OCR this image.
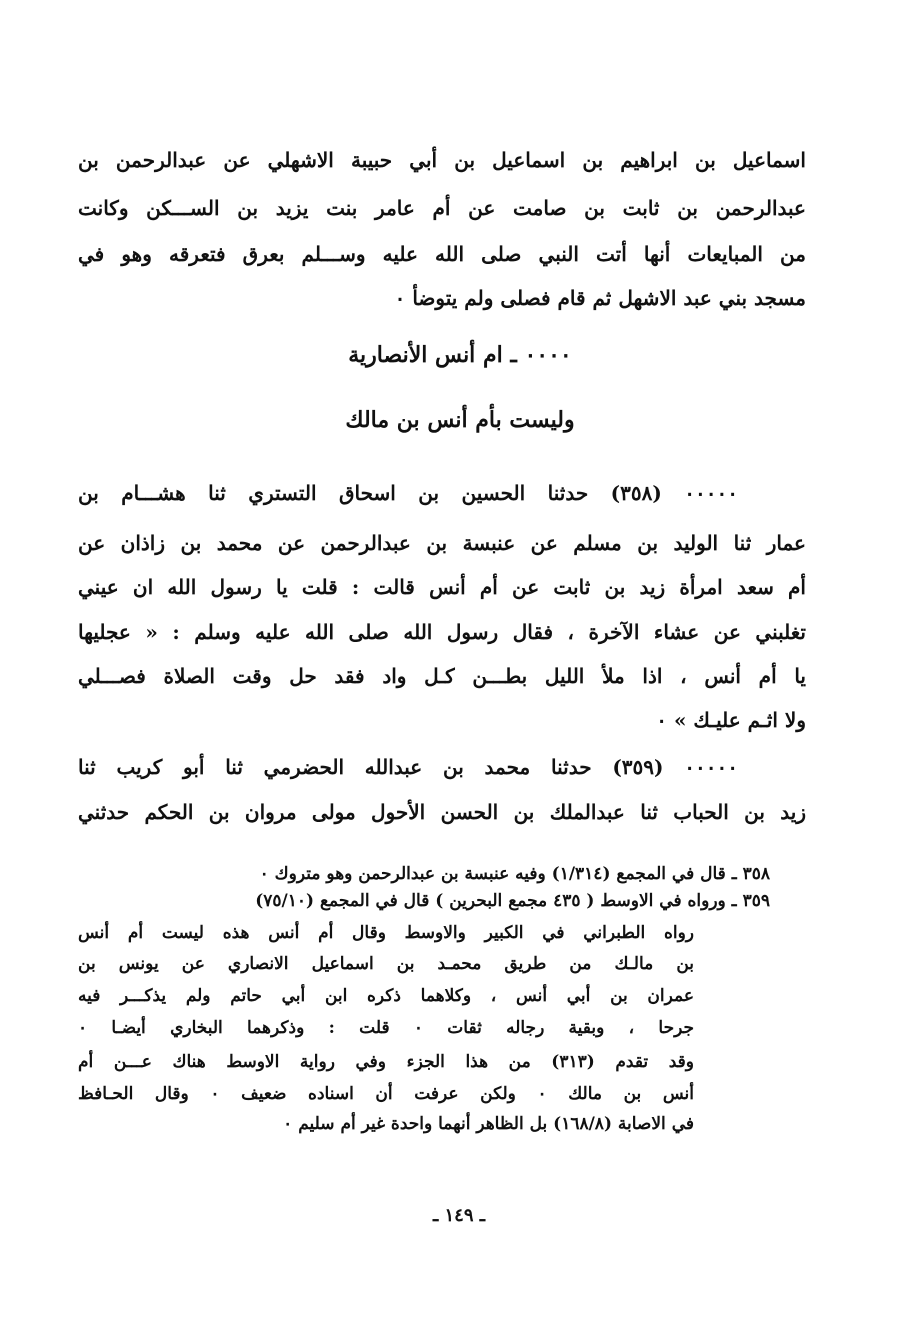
اسماعيل بن ابراهيم بن اسماعيل بن أبي حبيبة الاشهلي عن عبدالرحمن بن
عبدالرحمن بن ثابت بن صامت عن أم عامر بنت يزيد بن الســـكن وكانت
من المبايعات أنها أتت النبي صلى الله عليه وســـلم بعرق فتعرقه وهو في
مسجد بني عبد الاشهل ثم قام فصلى ولم يتوضأ ٠
٠٠٠٠ ـ ام أنس الأنصارية
وليست بأم أنس بن مالك
٠٠٠٠٠ (٣٥٨) حدثنا الحسين بن اسحاق التستري ثنا هشـــام بن
عمار ثنا الوليد بن مسلم عن عنبسة بن عبدالرحمن عن محمد بن زاذان عن
أم سعد امرأة زيد بن ثابت عن أم أنس قالت : قلت يا رسول الله ان عيني
تغلبني عن عشاء الآخرة ، فقال رسول الله صلى الله عليه وسلم : « عجليها
يا أم أنس ، اذا ملأ الليل بطـــن كـل واد فقد حل وقت الصلاة فصـــلي
ولا اثـم عليـك » ٠
٠٠٠٠٠ (٣٥٩) حدثنا محمد بن عبدالله الحضرمي ثنا أبو كريب ثنا
زيد بن الحباب ثنا عبدالملك بن الحسن الأحول مولى مروان بن الحكم حدثني
٣٥٨ ـ قال في المجمع (١/٣١٤) وفيه عنبسة بن عبدالرحمن وهو متروك ٠
٣٥٩ ـ ورواه في الاوسط ( ٤٣٥ مجمع البحرين ) قال في المجمع (٧٥/١٠)
رواه الطبراني في الكبير والاوسط وقال أم أنس هذه ليست أم أنس
بن مالـك من طريق محمـد بن اسماعيل الانصاري عن يونس بن
عمران بن أبي أنس ، وكلاهما ذكره ابن أبي حاتم ولم يذكـــر فيه
جرحا ، وبقية رجاله ثقات ٠ قلت : وذكرهما البخاري أيضـا ٠
وقد تقدم (٣١٣) من هذا الجزء وفي رواية الاوسط هناك عـــن أم
أنس بن مالك ٠ ولكن عرفت أن اسناده ضعيف ٠ وقال الحـافظ
في الاصابة (١٦٨/٨) بل الظاهر أنهما واحدة غير أم سليم ٠
ـ ١٤٩ ـ
